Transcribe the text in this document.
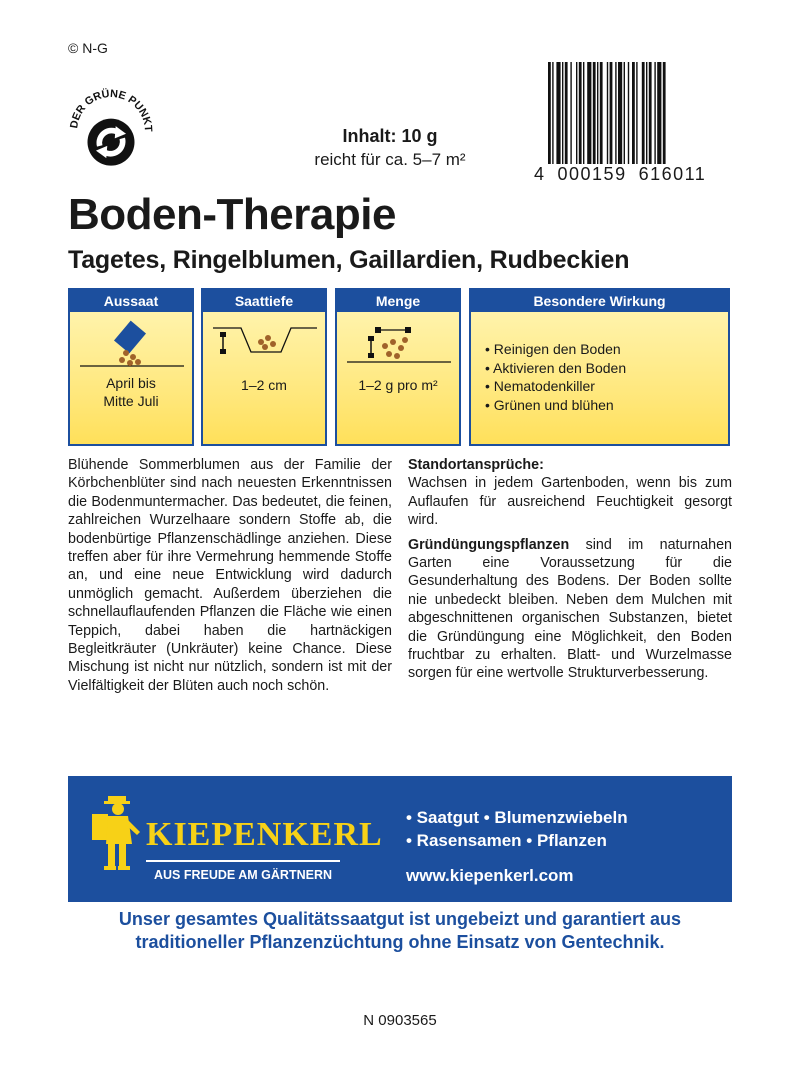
© N-G
DER GRÜNE PUNKT	Inhalt: 10 g
reicht für ca. 5–7 m²
4 000159 616011
Boden-Therapie
Tagetes, Ringelblumen, Gaillardien, Rudbeckien
Aussaat
April bis
Mitte Juli
Saattiefe
1–2 cm
Menge
1–2 g pro m²
Besondere Wirkung
• Reinigen den Boden
• Aktivieren den Boden
• Nematodenkiller
• Grünen und blühen

Blühende Sommerblumen aus der Familie der Körbchenblüter sind nach neuesten Erkenntnissen die Bodenmuntermacher. Das bedeutet, die feinen, zahlreichen Wurzelhaare sondern Stoffe ab, die bodenbürtige Pflanzenschädlinge anziehen. Diese treffen aber für ihre Vermehrung hemmende Stoffe an, und eine neue Entwicklung wird dadurch unmöglich gemacht. Außerdem überziehen die schnellauflaufenden Pflanzen die Fläche wie einen Teppich, dabei haben die hartnäckigen Begleitkräuter (Unkräuter) keine Chance. Diese Mischung ist nicht nur nützlich, sondern ist mit der Vielfältigkeit der Blüten auch noch schön.

Standortansprüche:

Wachsen in jedem Gartenboden, wenn bis zum Auflaufen für ausreichend Feuchtigkeit gesorgt wird.

Gründüngungspflanzen sind im naturnahen Garten eine Voraussetzung für die Gesunderhaltung des Bodens. Der Boden sollte nie unbedeckt bleiben. Neben dem Mulchen mit abgeschnittenen organischen Substanzen, bietet die Gründüngung eine Möglichkeit, den Boden fruchtbar zu erhalten. Blatt- und Wurzelmasse sorgen für eine wertvolle Strukturverbesserung.

KIEPENKERL
AUS FREUDE AM GÄRTNERN
• Saatgut • Blumenzwiebeln
• Rasensamen • Pflanzen
www.kiepenkerl.com
Unser gesamtes Qualitätssaatgut ist ungebeizt und garantiert aus traditioneller Pflanzenzüchtung ohne Einsatz von Gentechnik.
N 0903565
